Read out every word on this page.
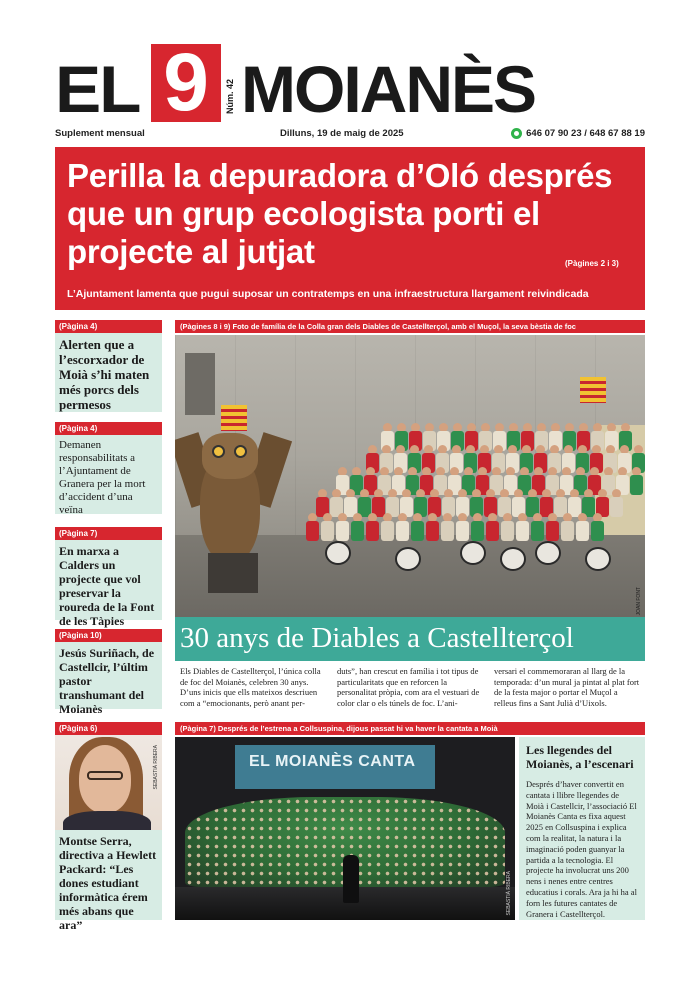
EL 9	Núm. 42 MOIANÈS
Suplement mensual	Dilluns, 19 de maig de 2025	646 07 90 23 / 648 67 88 19
Perilla la depuradora d’Oló després que un grup ecologista porti el projecte al jutjat	(Pàgines 2 i 3)
L’Ajuntament lamenta que pugui suposar un contratemps en una infraestructura llargament reivindicada
(Pàgina 4)
Alerten que a l’escorxador de Moià s’hi maten més porcs dels permesos
(Pàgina 4)
Demanen responsabilitats a l’Ajuntament de Granera per la mort d’accident d’una veïna
(Pàgina 7)
En marxa a Calders un projecte que vol preservar la roureda de la Font de les Tàpies
(Pàgina 10)
Jesús Suriñach, de Castellcir, l’últim pastor transhumant del Moianès
(Pàgina 6)
SEBASTIÀ RIBERA
Montse Serra, directiva a Hewlett Packard: “Les dones estudiant informàtica érem més abans que ara”
(Pàgines 8 i 9) Foto de família de la Colla gran dels Diables de Castellterçol, amb el Muçol, la seva bèstia de foc
JOAN FONT
30 anys de Diables a Castellterçol
Els Diables de Castellterçol, l’única colla de foc del Moianès, celebren 30 anys. D’uns inicis que ells mateixos descriuen com a “emocionants, però anant per-
duts”, han crescut en família i tot tipus de particularitats que en reforcen la personalitat pròpia, com ara el vestuari de color clar o els túnels de foc. L’ani-
versari el commemoraran al llarg de la temporada: d’un mural ja pintat al plat fort de la festa major o portar el Muçol a relleus fins a Sant Julià d’Uixols.
(Pàgina 7) Després de l’estrena a Collsuspina, dijous passat hi va haver la cantata a Moià
EL MOIANÈS CANTA
SEBASTIÀ RIBERA
Les llegendes del Moianès, a l’escenari

Després d’haver convertit en cantata i llibre llegendes de Moià i Castellcir, l’associació El Moianès Canta es fixa aquest 2025 en Collsuspina i explica com la realitat, la natura i la imaginació poden guanyar la partida a la tecnologia. El projecte ha involucrat uns 200 nens i nenes entre centres educatius i corals. Ara ja hi ha al forn les futures cantates de Granera i Castellterçol.
